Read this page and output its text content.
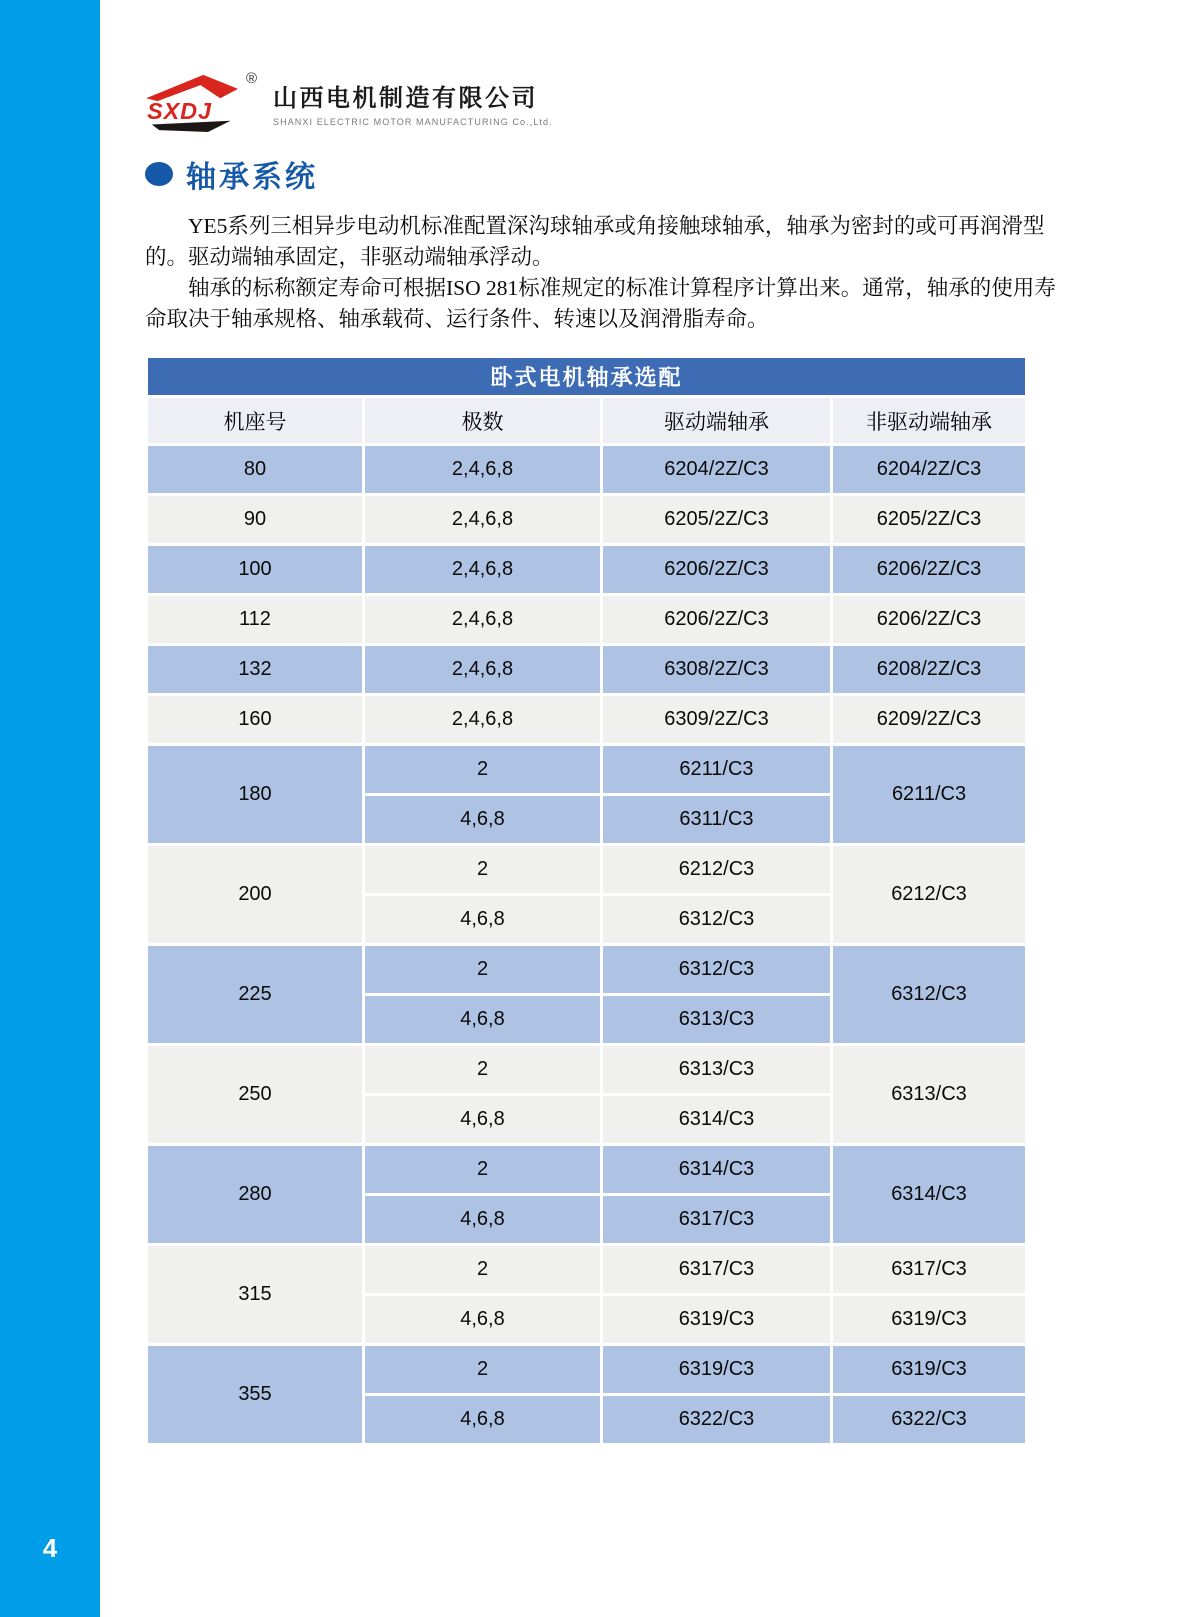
4
SXDJ
®
山西电机制造有限公司
SHANXI ELECTRIC MOTOR MANUFACTURING Co.,Ltd.
轴承系统

YE5系列三相异步电动机标准配置深沟球轴承或角接触球轴承，轴承为密封的或可再润滑型的。驱动端轴承固定，非驱动端轴承浮动。

轴承的标称额定寿命可根据ISO 281标准规定的标准计算程序计算出来。通常，轴承的使用寿命取决于轴承规格、轴承载荷、运行条件、转速以及润滑脂寿命。

卧式电机轴承选配			
机座号	极数	驱动端轴承	非驱动端轴承
80	2,4,6,8	6204/2Z/C3	6204/2Z/C3
90	2,4,6,8	6205/2Z/C3	6205/2Z/C3
100	2,4,6,8	6206/2Z/C3	6206/2Z/C3
112	2,4,6,8	6206/2Z/C3	6206/2Z/C3
132	2,4,6,8	6308/2Z/C3	6208/2Z/C3
160	2,4,6,8	6309/2Z/C3	6209/2Z/C3
180	2	6211/C3	6211/C3
	4,6,8	6311/C3	
200	2	6212/C3	6212/C3
	4,6,8	6312/C3	
225	2	6312/C3	6312/C3
	4,6,8	6313/C3	
250	2	6313/C3	6313/C3
	4,6,8	6314/C3	
280	2	6314/C3	6314/C3
	4,6,8	6317/C3	
315	2	6317/C3	6317/C3
	4,6,8	6319/C3	6319/C3
355	2	6319/C3	6319/C3
	4,6,8	6322/C3	6322/C3
